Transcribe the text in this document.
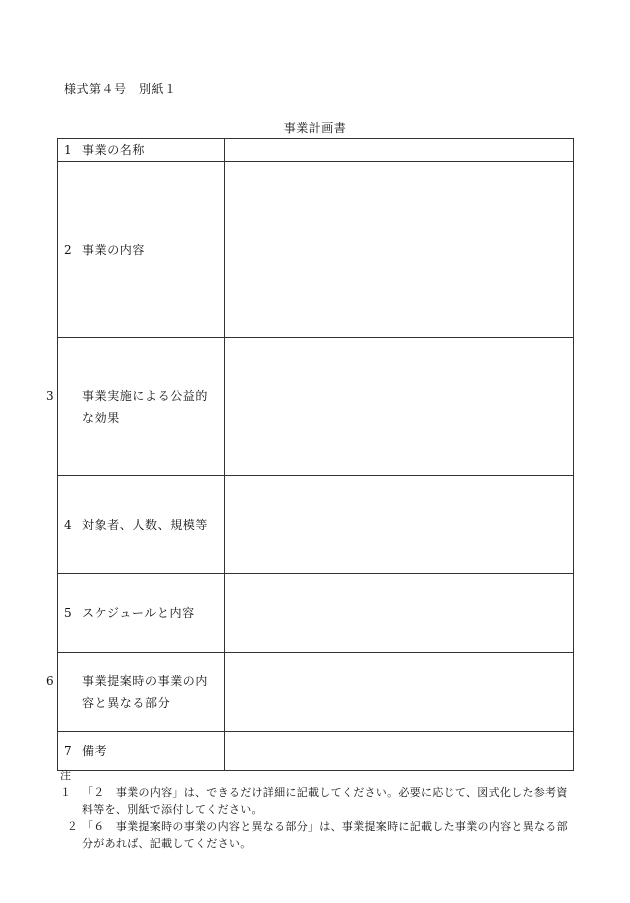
様式第４号　別紙１
事業計画書
1 事業の名称	
2 事業の内容	

3 事業実施による公益的な効果	

4 対象者、人数、規模等	
5 スケジュールと内容	

6 事業提案時の事業の内容と異なる部分	

7 備考	
注１ 「２　事業の内容」は、できるだけ詳細に記載してください。必要に応じて、図式化した参考資料等を、別紙で添付してください。
２ 「６　事業提案時の事業の内容と異なる部分」は、事業提案時に記載した事業の内容と異なる部分があれば、記載してください。
